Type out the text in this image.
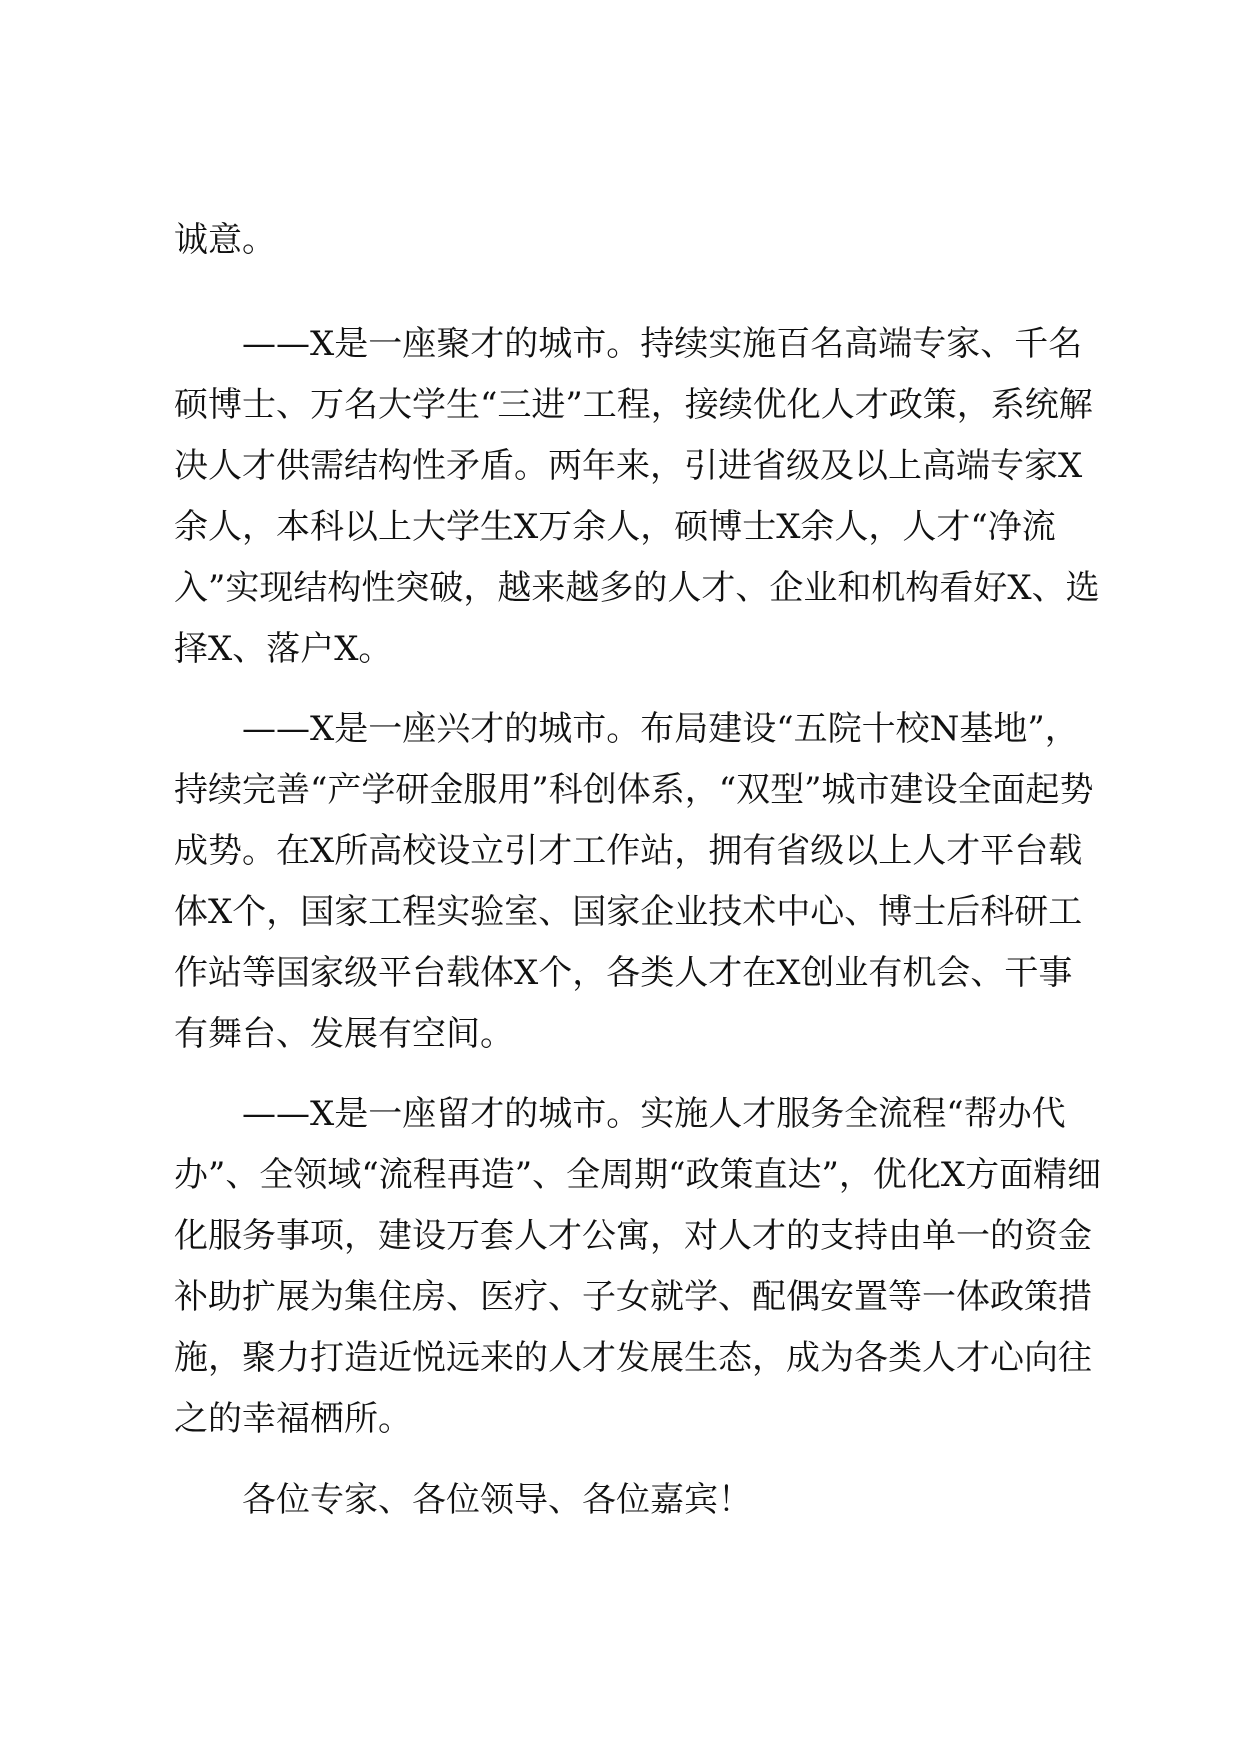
诚意。

——X是一座聚才的城市。持续实施百名高端专家、千名硕博士、万名大学生“三进”工程，接续优化人才政策，系统解决人才供需结构性矛盾。两年来，引进省级及以上高端专家X余人，本科以上大学生X万余人，硕博士X余人，人才“净流入”实现结构性突破，越来越多的人才、企业和机构看好X、选择X、落户X。

——X是一座兴才的城市。布局建设“五院十校N基地”，持续完善“产学研金服用”科创体系，“双型”城市建设全面起势成势。在X所高校设立引才工作站，拥有省级以上人才平台载体X个，国家工程实验室、国家企业技术中心、博士后科研工作站等国家级平台载体X个，各类人才在X创业有机会、干事有舞台、发展有空间。

——X是一座留才的城市。实施人才服务全流程“帮办代办”、全领域“流程再造”、全周期“政策直达”，优化X方面精细化服务事项，建设万套人才公寓，对人才的支持由单一的资金补助扩展为集住房、医疗、子女就学、配偶安置等一体政策措施，聚力打造近悦远来的人才发展生态，成为各类人才心向往之的幸福栖所。

各位专家、各位领导、各位嘉宾！
